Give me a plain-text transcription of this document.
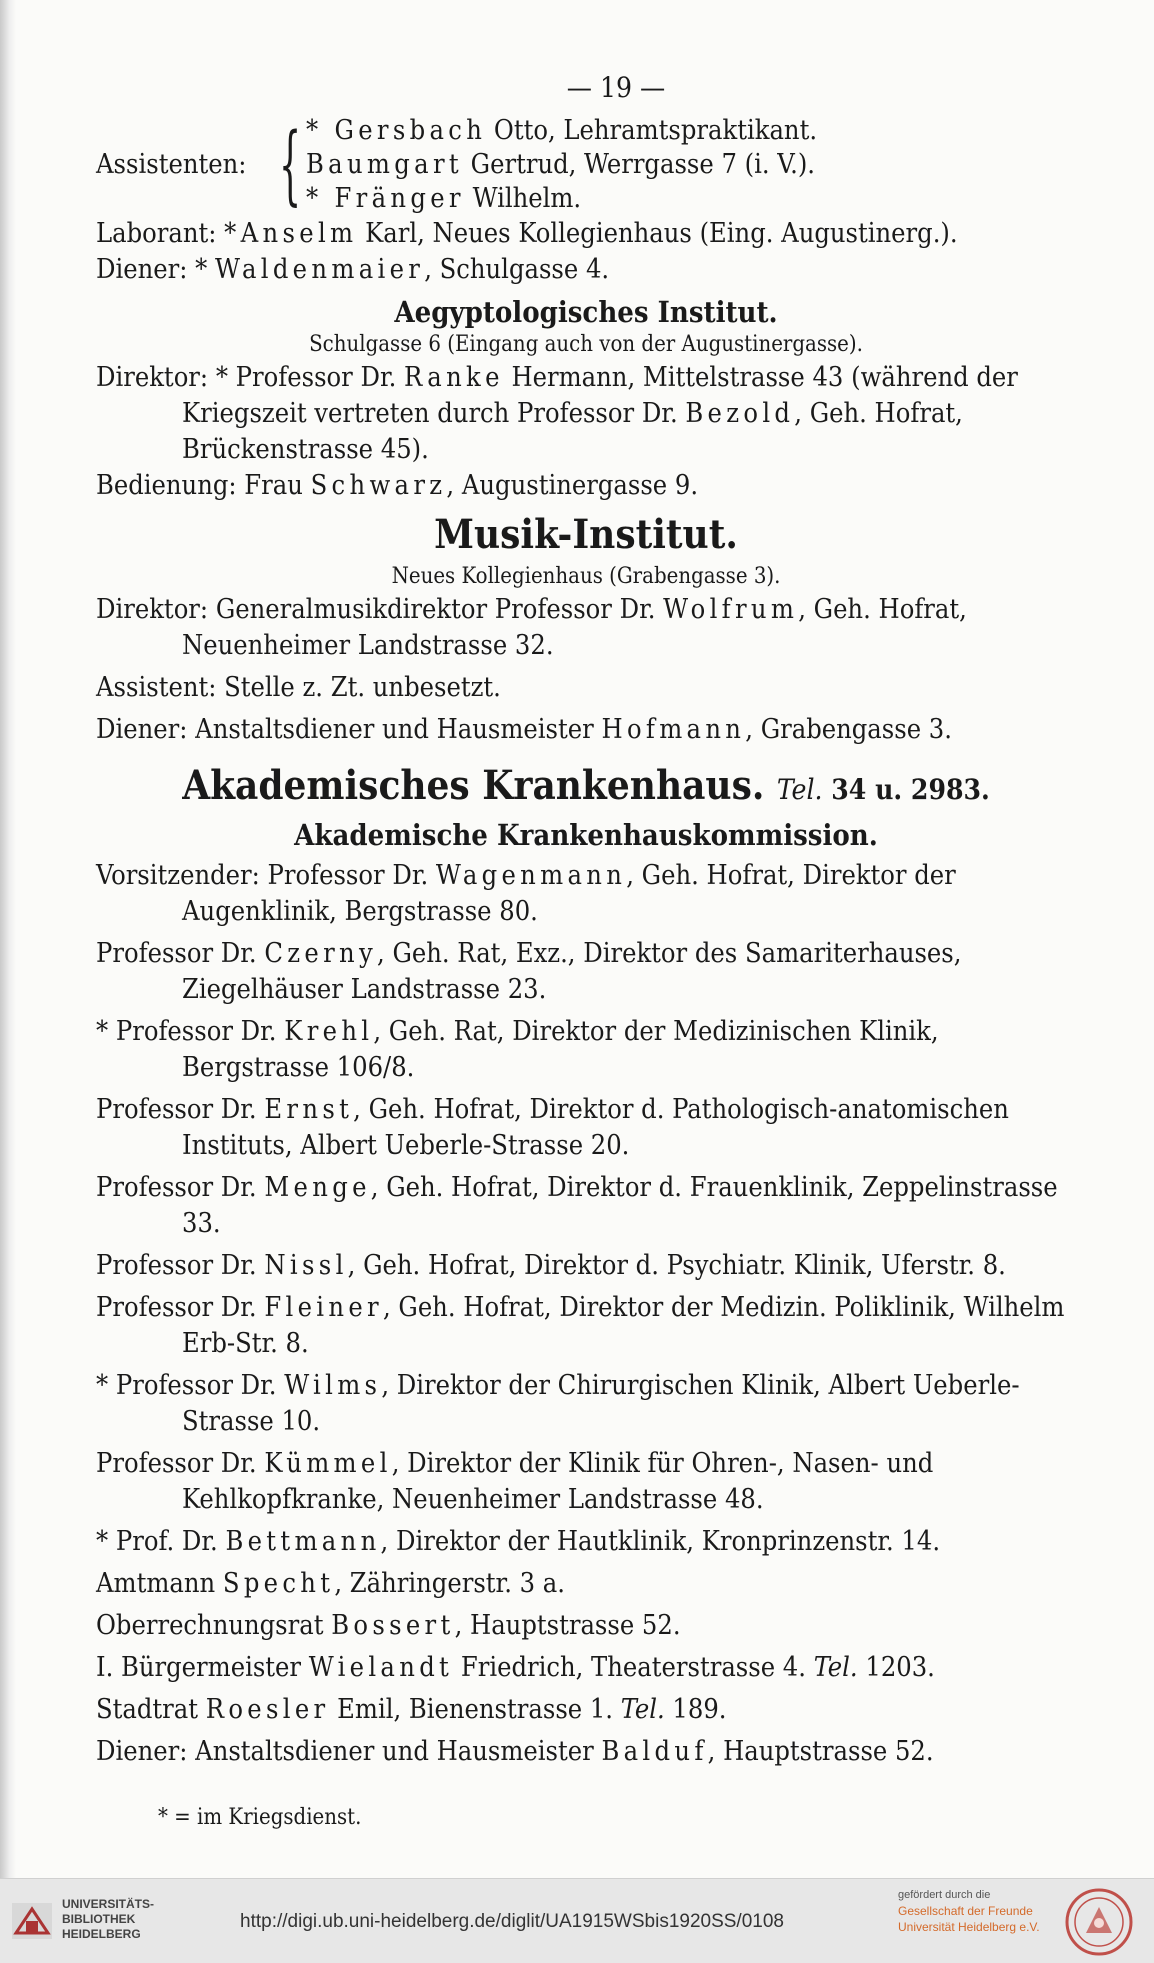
— 19 —
Assistenten: { * Gersbach Otto, Lehramtspraktikant.
Baumgart Gertrud, Werrgasse 7 (i. V.).
* Fränger Wilhelm.
Laborant: *Anselm Karl, Neues Kollegienhaus (Eing. Augustinerg.).
Diener: * Waldenmaier, Schulgasse 4.
Aegyptologisches Institut.
Schulgasse 6 (Eingang auch von der Augustinergasse).
Direktor: * Professor Dr. Ranke Hermann, Mittelstrasse 43 (während der Kriegszeit vertreten durch Professor Dr. Bezold, Geh. Hofrat, Brückenstrasse 45).
Bedienung: Frau Schwarz, Augustinergasse 9.
Musik-Institut.
Neues Kollegienhaus (Grabengasse 3).
Direktor: Generalmusikdirektor Professor Dr. Wolfrum, Geh. Hofrat, Neuenheimer Landstrasse 32.
Assistent: Stelle z. Zt. unbesetzt.
Diener: Anstaltsdiener und Hausmeister Hofmann, Grabengasse 3.
Akademisches Krankenhaus. Tel. 34 u. 2983.
Akademische Krankenhauskommission.
Vorsitzender: Professor Dr. Wagenmann, Geh. Hofrat, Direktor der Augenklinik, Bergstrasse 80.
Professor Dr. Czerny, Geh. Rat, Exz., Direktor des Samariterhauses, Ziegelhäuser Landstrasse 23.
* Professor Dr. Krehl, Geh. Rat, Direktor der Medizinischen Klinik, Bergstrasse 106/8.
Professor Dr. Ernst, Geh. Hofrat, Direktor d. Pathologisch-anatomischen Instituts, Albert Ueberle-Strasse 20.
Professor Dr. Menge, Geh. Hofrat, Direktor d. Frauenklinik, Zeppelinstrasse 33.
Professor Dr. Nissl, Geh. Hofrat, Direktor d. Psychiatr. Klinik, Uferstr. 8.
Professor Dr. Fleiner, Geh. Hofrat, Direktor der Medizin. Poliklinik, Wilhelm Erb-Str. 8.
* Professor Dr. Wilms, Direktor der Chirurgischen Klinik, Albert Ueberle-Strasse 10.
Professor Dr. Kümmel, Direktor der Klinik für Ohren-, Nasen- und Kehlkopfkranke, Neuenheimer Landstrasse 48.
* Prof. Dr. Bettmann, Direktor der Hautklinik, Kronprinzenstr. 14.
Amtmann Specht, Zähringerstr. 3 a.
Oberrechnungsrat Bossert, Hauptstrasse 52.
I. Bürgermeister Wielandt Friedrich, Theaterstrasse 4. Tel. 1203.
Stadtrat Roesler Emil, Bienenstrasse 1. Tel. 189.
Diener: Anstaltsdiener und Hausmeister Balduf, Hauptstrasse 52.
* = im Kriegsdienst.
UNIVERSITÄTS-
BIBLIOTHEK
HEIDELBERG
http://digi.ub.uni-heidelberg.de/diglit/UA1915WSbis1920SS/0108
gefördert durch die
Gesellschaft der Freunde
Universität Heidelberg e.V.
